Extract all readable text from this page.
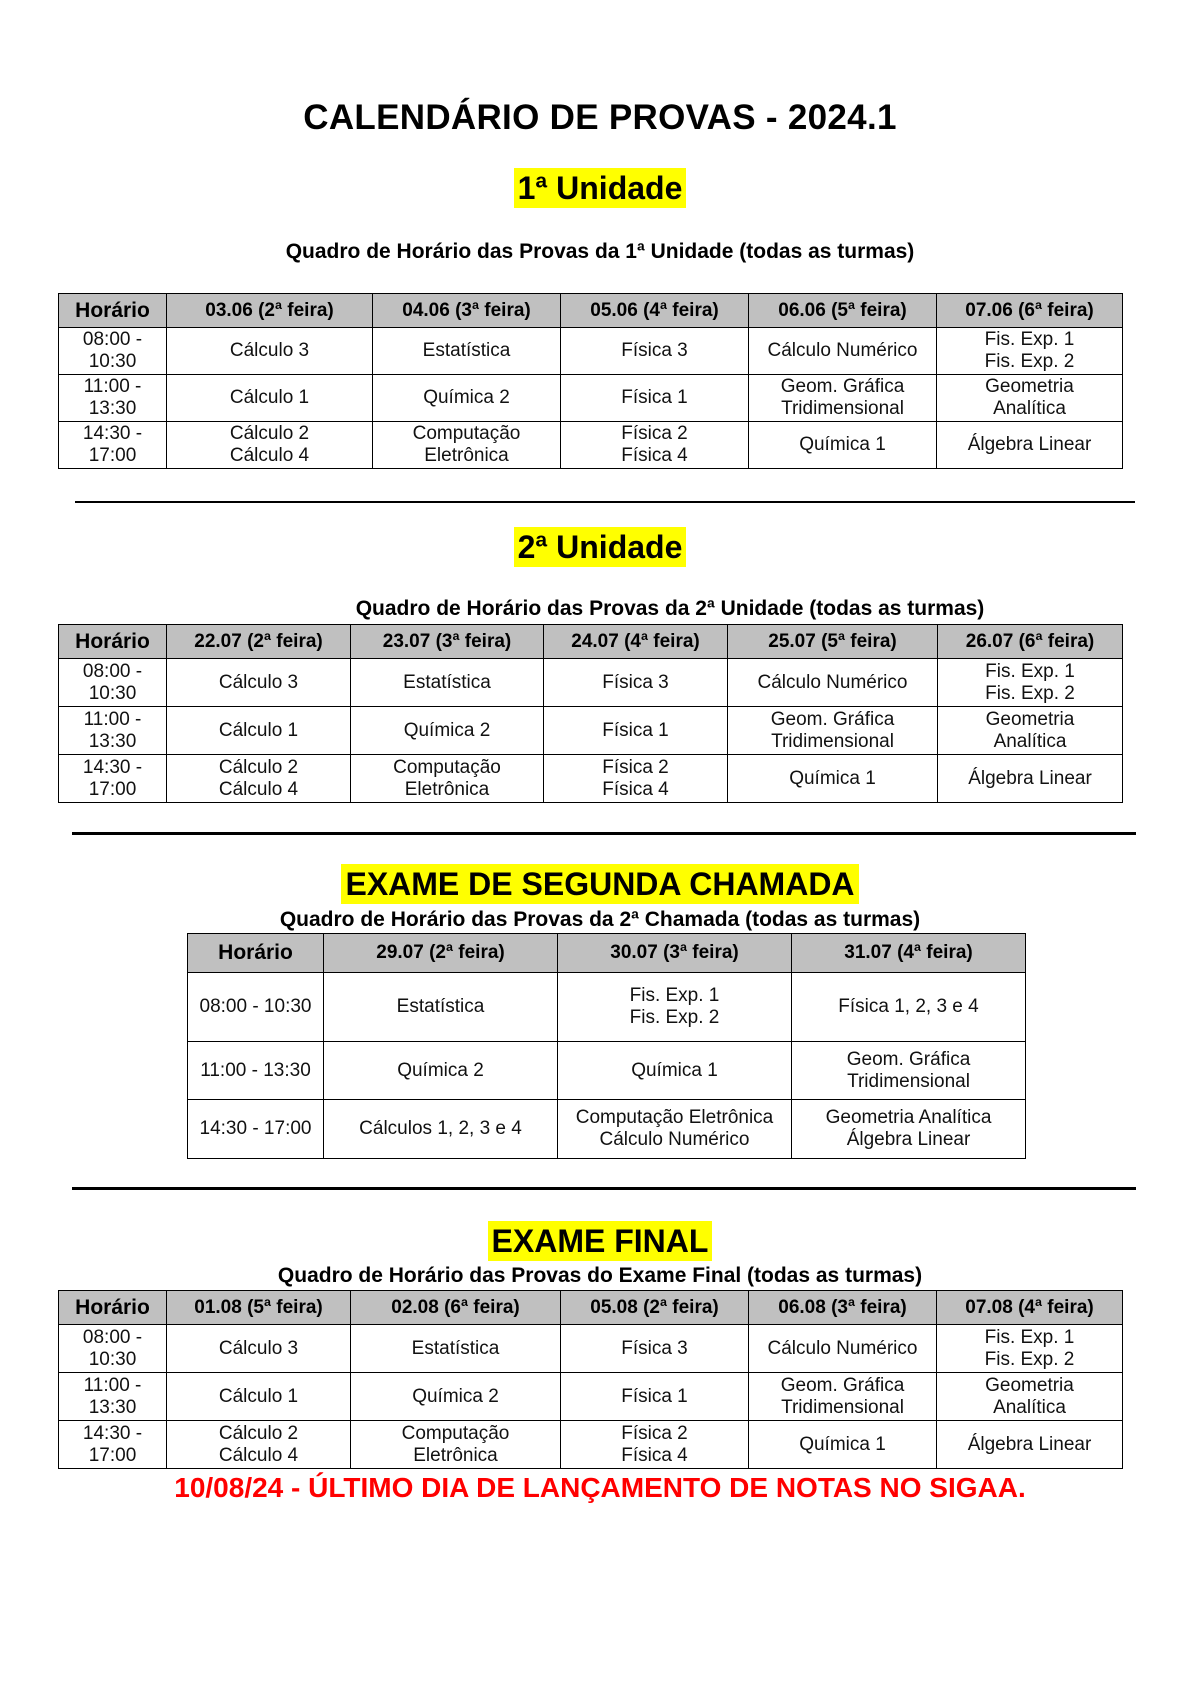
CALENDÁRIO DE PROVAS - 2024.1
1ª Unidade
Quadro de Horário das Provas da 1ª Unidade (todas as turmas)
Horário	03.06 (2ª feira)	04.06 (3ª feira)	05.06 (4ª feira)	06.06 (5ª feira)	07.06 (6ª feira)

08:00 -
10:30	Cálculo 3	Estatística	Física 3	Cálculo Numérico	Fis. Exp. 1
Fis. Exp. 2

11:00 -
13:30	Cálculo 1	Química 2	Física 1	Geom. Gráfica
Tridimensional	Geometria
Analítica

14:30 -
17:00	Cálculo 2
Cálculo 4	Computação
Eletrônica	Física 2
Física 4	Química 1	Álgebra Linear
2ª Unidade
Quadro de Horário das Provas da 2ª Unidade (todas as turmas)
Horário	22.07 (2ª feira)	23.07 (3ª feira)	24.07 (4ª feira)	25.07 (5ª feira)	26.07 (6ª feira)

08:00 -
10:30	Cálculo 3	Estatística	Física 3	Cálculo Numérico	Fis. Exp. 1
Fis. Exp. 2

11:00 -
13:30	Cálculo 1	Química 2	Física 1	Geom. Gráfica
Tridimensional	Geometria
Analítica

14:30 -
17:00	Cálculo 2
Cálculo 4	Computação
Eletrônica	Física 2
Física 4	Química 1	Álgebra Linear
EXAME DE SEGUNDA CHAMADA
Quadro de Horário das Provas da 2ª Chamada (todas as turmas)
Horário	29.07 (2ª feira)	30.07 (3ª feira)	31.07 (4ª feira)

08:00 - 10:30	Estatística	Fis. Exp. 1
Fis. Exp. 2	Física 1, 2, 3 e 4

11:00 - 13:30	Química 2	Química 1	Geom. Gráfica
Tridimensional

14:30 - 17:00	Cálculos 1, 2, 3 e 4	Computação Eletrônica
Cálculo Numérico	Geometria Analítica
Álgebra Linear
EXAME FINAL
Quadro de Horário das Provas do Exame Final (todas as turmas)
Horário	01.08 (5ª feira)	02.08 (6ª feira)	05.08 (2ª feira)	06.08 (3ª feira)	07.08 (4ª feira)

08:00 -
10:30	Cálculo 3	Estatística	Física 3	Cálculo Numérico	Fis. Exp. 1
Fis. Exp. 2

11:00 -
13:30	Cálculo 1	Química 2	Física 1	Geom. Gráfica
Tridimensional	Geometria
Analítica

14:30 -
17:00	Cálculo 2
Cálculo 4	Computação
Eletrônica	Física 2
Física 4	Química 1	Álgebra Linear
10/08/24 - ÚLTIMO DIA DE LANÇAMENTO DE NOTAS NO SIGAA.
